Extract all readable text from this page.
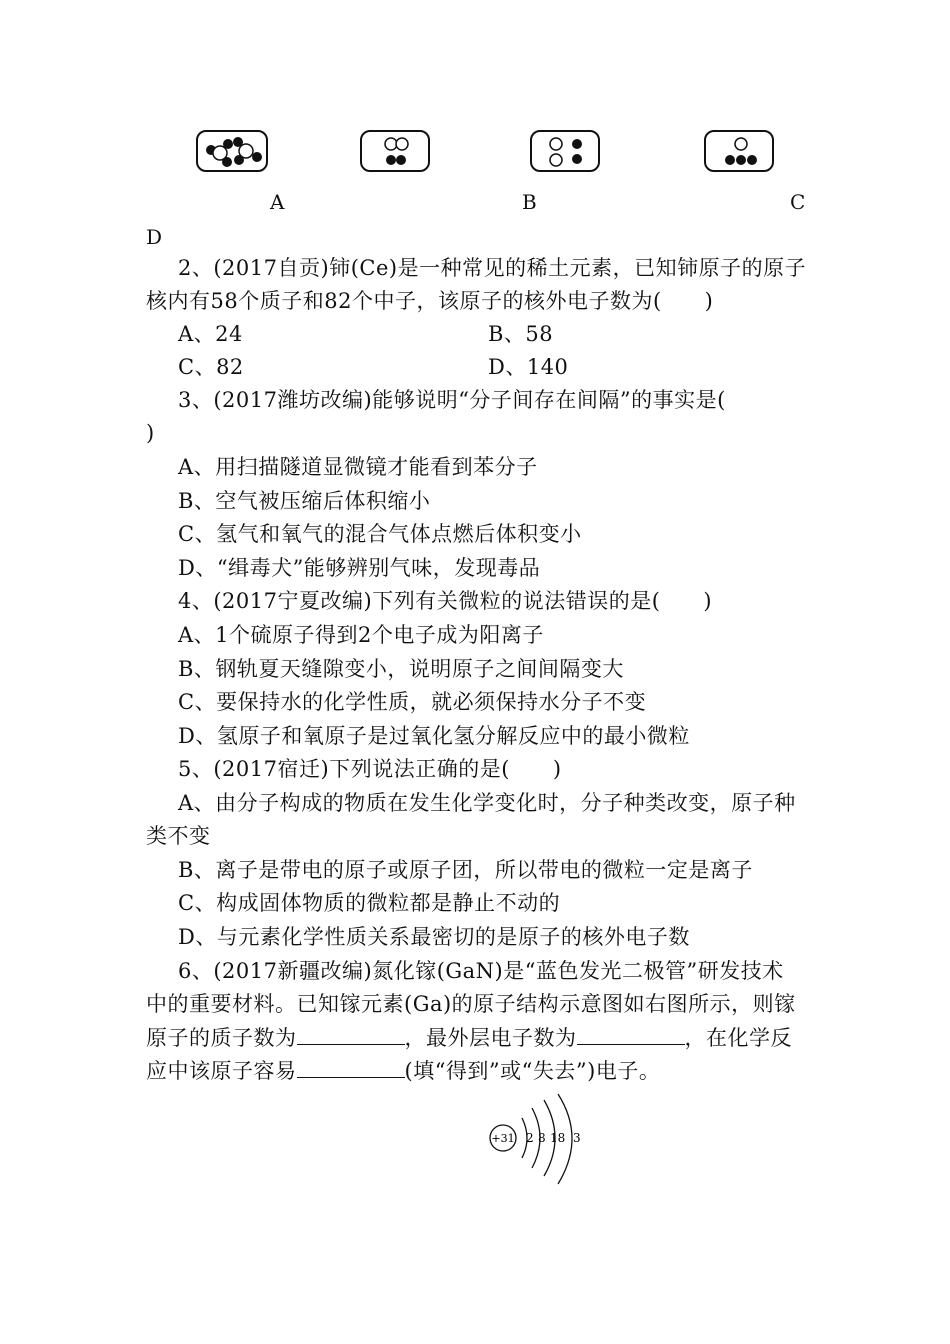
A	B	C
D
2、(2017自贡)铈(Ce)是一种常见的稀土元素，已知铈原子的原子
核内有58个质子和82个中子，该原子的核外电子数为(　　)
A、24	B、58
C、82	D、140
3、(2017潍坊改编)能够说明“分子间存在间隔”的事实是(
)
A、用扫描隧道显微镜才能看到苯分子
B、空气被压缩后体积缩小
C、氢气和氧气的混合气体点燃后体积变小
D、“缉毒犬”能够辨别气味，发现毒品
4、(2017宁夏改编)下列有关微粒的说法错误的是(　　)
A、1个硫原子得到2个电子成为阳离子
B、钢轨夏天缝隙变小，说明原子之间间隔变大
C、要保持水的化学性质，就必须保持水分子不变
D、氢原子和氧原子是过氧化氢分解反应中的最小微粒
5、(2017宿迁)下列说法正确的是(　　)
A、由分子构成的物质在发生化学变化时，分子种类改变，原子种
类不变
B、离子是带电的原子或原子团，所以带电的微粒一定是离子
C、构成固体物质的微粒都是静止不动的
D、与元素化学性质关系最密切的是原子的核外电子数
6、(2017新疆改编)氮化镓(GaN)是“蓝色发光二极管”研发技术
中的重要材料。已知镓元素(Ga)的原子结构示意图如右图所示，则镓
原子的质子数为	，最外层电子数为	，在化学反
应中该原子容易	(填“得到”或“失去”)电子。
+31 2 8 18 3
